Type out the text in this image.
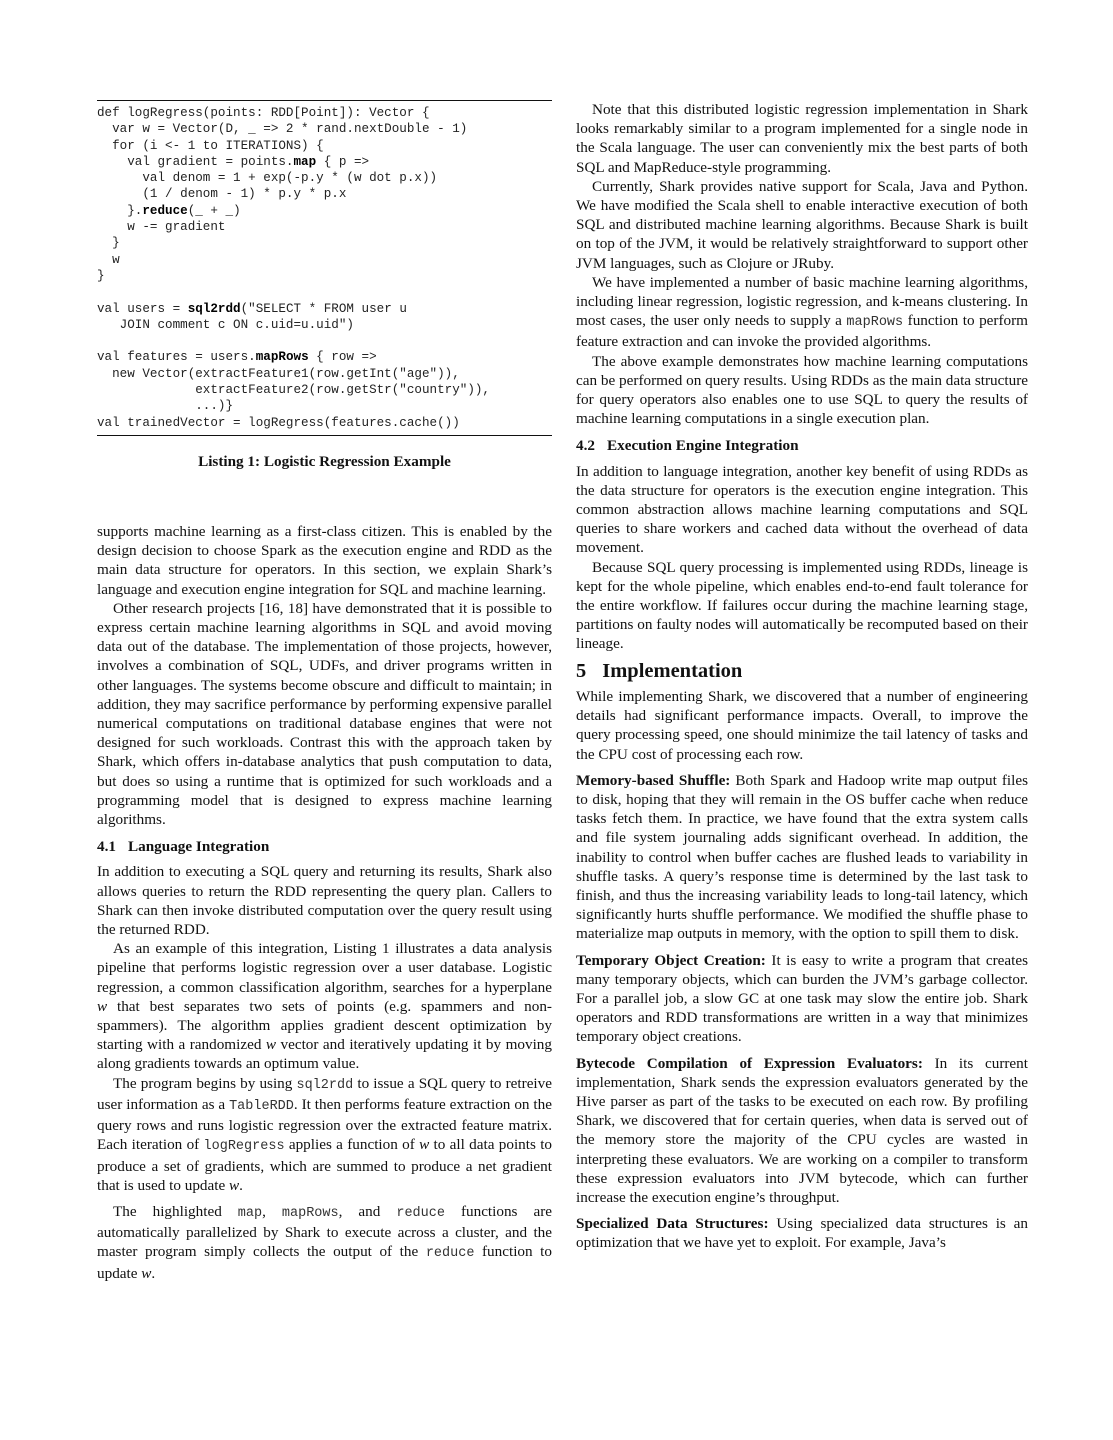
def logRegress(points: RDD[Point]): Vector {
var w = Vector(D, _ => 2 * rand.nextDouble - 1)
for (i <- 1 to ITERATIONS) {
val gradient = points.map { p =>
val denom = 1 + exp(-p.y * (w dot p.x))
(1 / denom - 1) * p.y * p.x
}.reduce(_ + _)
w -= gradient
}
w
}

val users = sql2rdd("SELECT * FROM user u
JOIN comment c ON c.uid=u.uid")

val features = users.mapRows { row =>
new Vector(extractFeature1(row.getInt("age")),
extractFeature2(row.getStr("country")),
...)}
val trainedVector = logRegress(features.cache())

Listing 1: Logistic Regression Example

supports machine learning as a first-class citizen. This is enabled by the design decision to choose Spark as the execution engine and RDD as the main data structure for operators. In this section, we explain Shark’s language and execution engine integration for SQL and machine learning.

Other research projects [16, 18] have demonstrated that it is possible to express certain machine learning algorithms in SQL and avoid moving data out of the database. The implementation of those projects, however, involves a combination of SQL, UDFs, and driver programs written in other languages. The systems become obscure and difficult to maintain; in addition, they may sacrifice performance by performing expensive parallel numerical computations on traditional database engines that were not designed for such workloads. Contrast this with the approach taken by Shark, which offers in-database analytics that push computation to data, but does so using a runtime that is optimized for such workloads and a programming model that is designed to express machine learning algorithms.

4.1 Language Integration

In addition to executing a SQL query and returning its results, Shark also allows queries to return the RDD representing the query plan. Callers to Shark can then invoke distributed computation over the query result using the returned RDD.

As an example of this integration, Listing 1 illustrates a data analysis pipeline that performs logistic regression over a user database. Logistic regression, a common classification algorithm, searches for a hyperplane w that best separates two sets of points (e.g. spammers and non-spammers). The algorithm applies gradient descent optimization by starting with a randomized w vector and iteratively updating it by moving along gradients towards an optimum value.

The program begins by using sql2rdd to issue a SQL query to retreive user information as a TableRDD. It then performs feature extraction on the query rows and runs logistic regression over the extracted feature matrix. Each iteration of logRegress applies a function of w to all data points to produce a set of gradients, which are summed to produce a net gradient that is used to update w.

The highlighted map, mapRows, and reduce functions are automatically parallelized by Shark to execute across a cluster, and the master program simply collects the output of the reduce function to update w.

Note that this distributed logistic regression implementation in Shark looks remarkably similar to a program implemented for a single node in the Scala language. The user can conveniently mix the best parts of both SQL and MapReduce-style programming.

Currently, Shark provides native support for Scala, Java and Python. We have modified the Scala shell to enable interactive execution of both SQL and distributed machine learning algorithms. Because Shark is built on top of the JVM, it would be relatively straightforward to support other JVM languages, such as Clojure or JRuby.

We have implemented a number of basic machine learning algorithms, including linear regression, logistic regression, and k-means clustering. In most cases, the user only needs to supply a mapRows function to perform feature extraction and can invoke the provided algorithms.

The above example demonstrates how machine learning computations can be performed on query results. Using RDDs as the main data structure for query operators also enables one to use SQL to query the results of machine learning computations in a single execution plan.

4.2 Execution Engine Integration

In addition to language integration, another key benefit of using RDDs as the data structure for operators is the execution engine integration. This common abstraction allows machine learning computations and SQL queries to share workers and cached data without the overhead of data movement.

Because SQL query processing is implemented using RDDs, lineage is kept for the whole pipeline, which enables end-to-end fault tolerance for the entire workflow. If failures occur during the machine learning stage, partitions on faulty nodes will automatically be recomputed based on their lineage.

5 Implementation

While implementing Shark, we discovered that a number of engineering details had significant performance impacts. Overall, to improve the query processing speed, one should minimize the tail latency of tasks and the CPU cost of processing each row.

Memory-based Shuffle: Both Spark and Hadoop write map output files to disk, hoping that they will remain in the OS buffer cache when reduce tasks fetch them. In practice, we have found that the extra system calls and file system journaling adds significant overhead. In addition, the inability to control when buffer caches are flushed leads to variability in shuffle tasks. A query’s response time is determined by the last task to finish, and thus the increasing variability leads to long-tail latency, which significantly hurts shuffle performance. We modified the shuffle phase to materialize map outputs in memory, with the option to spill them to disk.

Temporary Object Creation: It is easy to write a program that creates many temporary objects, which can burden the JVM’s garbage collector. For a parallel job, a slow GC at one task may slow the entire job. Shark operators and RDD transformations are written in a way that minimizes temporary object creations.

Bytecode Compilation of Expression Evaluators: In its current implementation, Shark sends the expression evaluators generated by the Hive parser as part of the tasks to be executed on each row. By profiling Shark, we discovered that for certain queries, when data is served out of the memory store the majority of the CPU cycles are wasted in interpreting these evaluators. We are working on a compiler to transform these expression evaluators into JVM bytecode, which can further increase the execution engine’s throughput.

Specialized Data Structures: Using specialized data structures is an optimization that we have yet to exploit. For example, Java’s
